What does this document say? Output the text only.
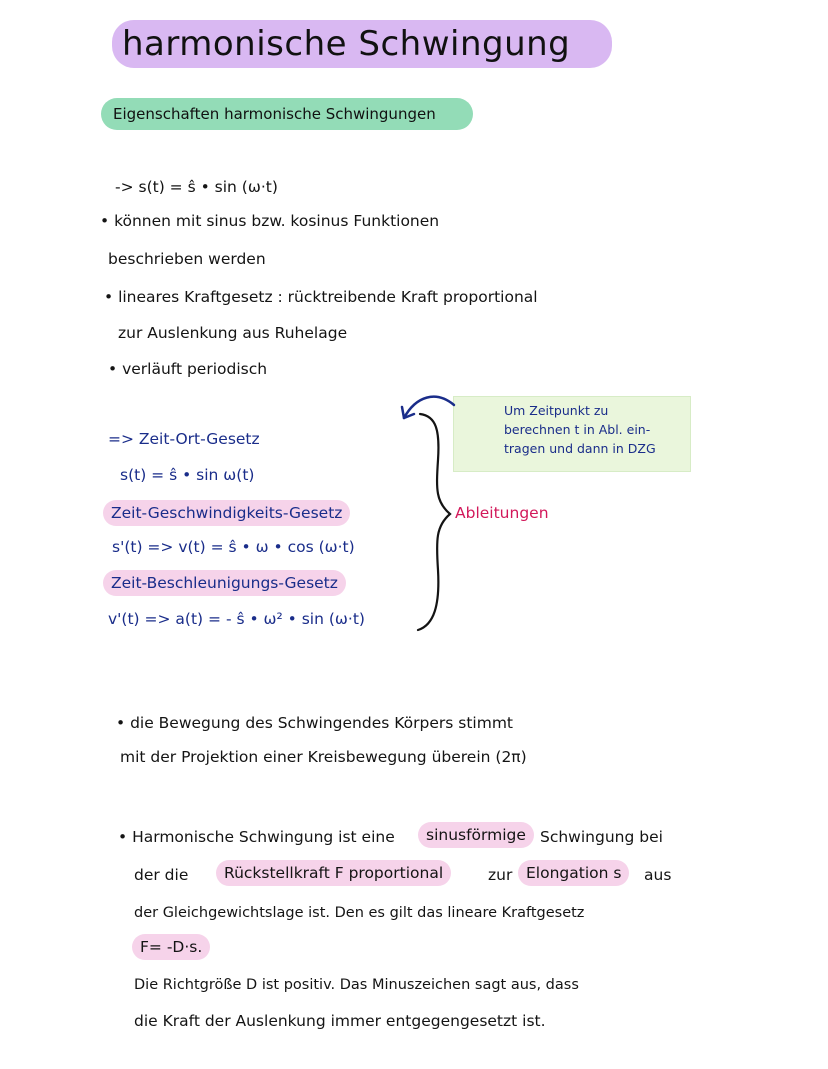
harmonische Schwingung
Eigenschaften harmonische Schwingungen
-> s(t) = ŝ • sin (ω·t)
• können mit sinus bzw. kosinus Funktionen
beschrieben werden
• lineares Kraftgesetz : rücktreibende Kraft proportional
zur Auslenkung aus Ruhelage
• verläuft periodisch
Um Zeitpunkt zu
berechnen t in Abl. ein-
tragen und dann in DZG
=> Zeit-Ort-Gesetz
s(t) = ŝ • sin ω(t)
Zeit-Geschwindigkeits-Gesetz
s'(t) => v(t) = ŝ • ω • cos (ω·t)
Zeit-Beschleunigungs-Gesetz
v'(t) => a(t) = - ŝ • ω² • sin (ω·t)
Ableitungen
• die Bewegung des Schwingendes Körpers stimmt
mit der Projektion einer Kreisbewegung überein (2π)
• Harmonische Schwingung ist eine	sinusförmige Schwingung bei
der die	Rückstellkraft F proportional	zur Elongation s	aus
der Gleichgewichtslage ist. Den es gilt das lineare Kraftgesetz
F= -D·s.
Die Richtgröße D ist positiv. Das Minuszeichen sagt aus, dass
die Kraft der Auslenkung immer entgegengesetzt ist.
